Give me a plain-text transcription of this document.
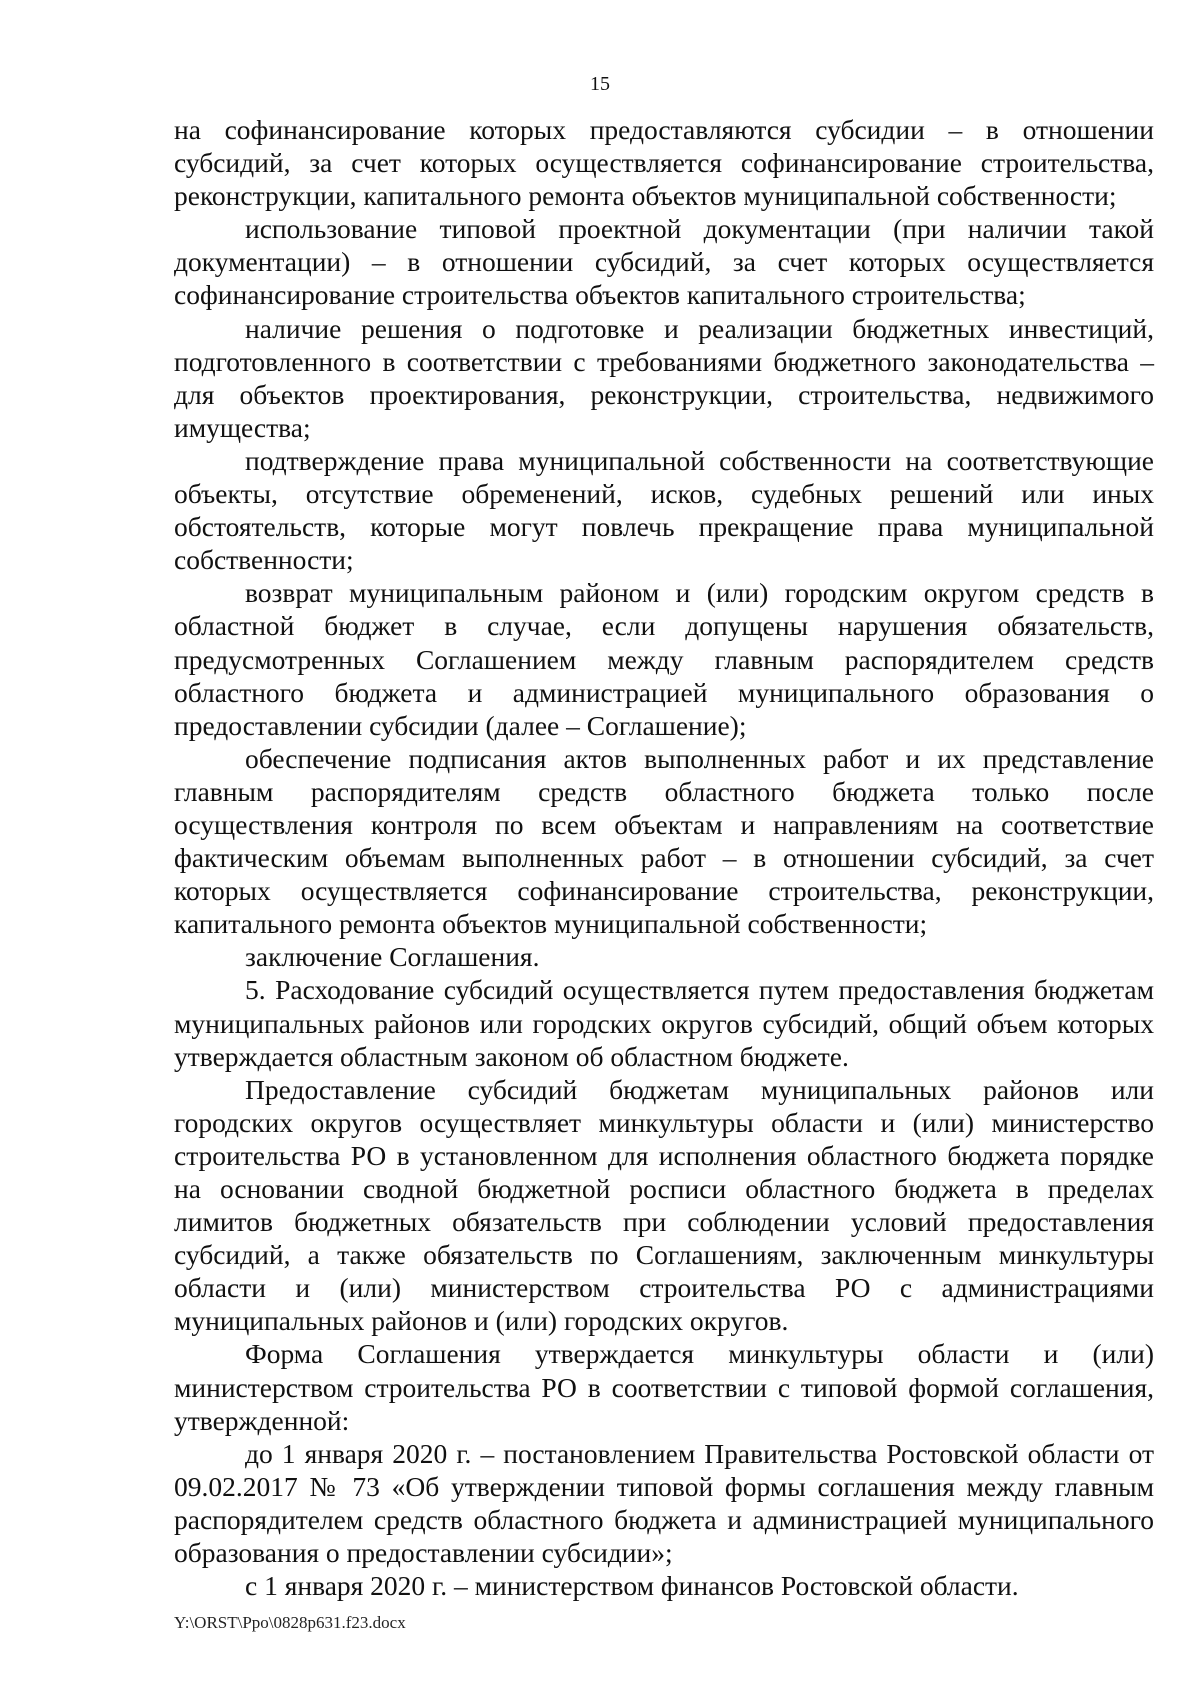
15

на софинансирование которых предоставляются субсидии – в отношении субсидий, за счет которых осуществляется софинансирование строительства, реконструкции, капитального ремонта объектов муниципальной собственности;

использование типовой проектной документации (при наличии такой документации) – в отношении субсидий, за счет которых осуществляется софинансирование строительства объектов капитального строительства;

наличие решения о подготовке и реализации бюджетных инвестиций, подготовленного в соответствии с требованиями бюджетного законодательства – для объектов проектирования, реконструкции, строительства, недвижимого имущества;

подтверждение права муниципальной собственности на соответствующие объекты, отсутствие обременений, исков, судебных решений или иных обстоятельств, которые могут повлечь прекращение права муниципальной собственности;

возврат муниципальным районом и (или) городским округом средств в областной бюджет в случае, если допущены нарушения обязательств, предусмотренных Соглашением между главным распорядителем средств областного бюджета и администрацией муниципального образования о предоставлении субсидии (далее – Соглашение);

обеспечение подписания актов выполненных работ и их представление главным распорядителям средств областного бюджета только после осуществления контроля по всем объектам и направлениям на соответствие фактическим объемам выполненных работ – в отношении субсидий, за счет которых осуществляется софинансирование строительства, реконструкции, капитального ремонта объектов муниципальной собственности;

заключение Соглашения.

5. Расходование субсидий осуществляется путем предоставления бюджетам муниципальных районов или городских округов субсидий, общий объем которых утверждается областным законом об областном бюджете.

Предоставление субсидий бюджетам муниципальных районов или городских округов осуществляет минкультуры области и (или) министерство строительства РО в установленном для исполнения областного бюджета порядке на основании сводной бюджетной росписи областного бюджета в пределах лимитов бюджетных обязательств при соблюдении условий предоставления субсидий, а также обязательств по Соглашениям, заключенным минкультуры области и (или) министерством строительства РО с администрациями муниципальных районов и (или) городских округов.

Форма Соглашения утверждается минкультуры области и (или) министерством строительства РО в соответствии с типовой формой соглашения, утвержденной:

до 1 января 2020 г. – постановлением Правительства Ростовской области от 09.02.2017 № 73 «Об утверждении типовой формы соглашения между главным распорядителем средств областного бюджета и администрацией муниципального образования о предоставлении субсидии»;

с 1 января 2020 г. – министерством финансов Ростовской области.

Y:\ORST\Ppo\0828p631.f23.docx
